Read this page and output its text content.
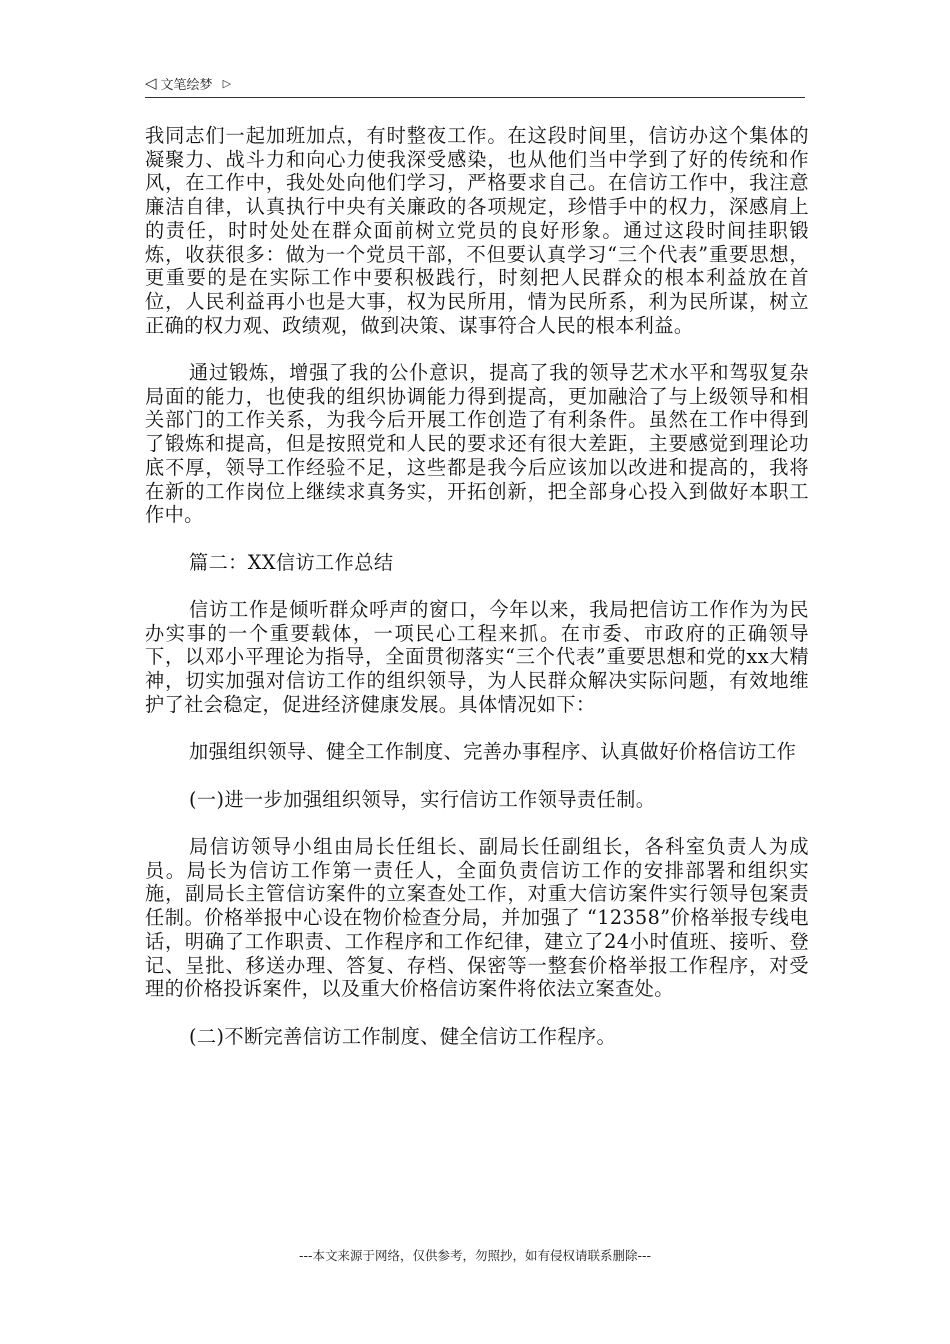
◁ 文笔绘梦 ▷

我同志们一起加班加点，有时整夜工作。在这段时间里，信访办这个集体的凝聚力、战斗力和向心力使我深受感染，也从他们当中学到了好的传统和作风，在工作中，我处处向他们学习，严格要求自己。在信访工作中，我注意廉洁自律，认真执行中央有关廉政的各项规定，珍惜手中的权力，深感肩上的责任，时时处处在群众面前树立党员的良好形象。通过这段时间挂职锻炼，收获很多：做为一个党员干部，不但要认真学习“三个代表”重要思想，更重要的是在实际工作中要积极践行，时刻把人民群众的根本利益放在首位，人民利益再小也是大事，权为民所用，情为民所系，利为民所谋，树立正确的权力观、政绩观，做到决策、谋事符合人民的根本利益。

通过锻炼，增强了我的公仆意识，提高了我的领导艺术水平和驾驭复杂局面的能力，也使我的组织协调能力得到提高，更加融洽了与上级领导和相关部门的工作关系，为我今后开展工作创造了有利条件。虽然在工作中得到了锻炼和提高，但是按照党和人民的要求还有很大差距，主要感觉到理论功底不厚，领导工作经验不足，这些都是我今后应该加以改进和提高的，我将在新的工作岗位上继续求真务实，开拓创新，把全部身心投入到做好本职工作中。

篇二：XX信访工作总结

信访工作是倾听群众呼声的窗口，今年以来，我局把信访工作作为为民办实事的一个重要载体，一项民心工程来抓。在市委、市政府的正确领导下，以邓小平理论为指导，全面贯彻落实“三个代表”重要思想和党的xx大精神，切实加强对信访工作的组织领导，为人民群众解决实际问题，有效地维护了社会稳定，促进经济健康发展。具体情况如下：

加强组织领导、健全工作制度、完善办事程序、认真做好价格信访工作

(一)进一步加强组织领导，实行信访工作领导责任制。

局信访领导小组由局长任组长、副局长任副组长，各科室负责人为成员。局长为信访工作第一责任人，全面负责信访工作的安排部署和组织实施，副局长主管信访案件的立案查处工作，对重大信访案件实行领导包案责任制。价格举报中心设在物价检查分局，并加强了 “12358”价格举报专线电话，明确了工作职责、工作程序和工作纪律，建立了24小时值班、接听、登记、呈批、移送办理、答复、存档、保密等一整套价格举报工作程序，对受理的价格投诉案件，以及重大价格信访案件将依法立案查处。

(二)不断完善信访工作制度、健全信访工作程序。

---本文来源于网络，仅供参考，勿照抄，如有侵权请联系删除---
